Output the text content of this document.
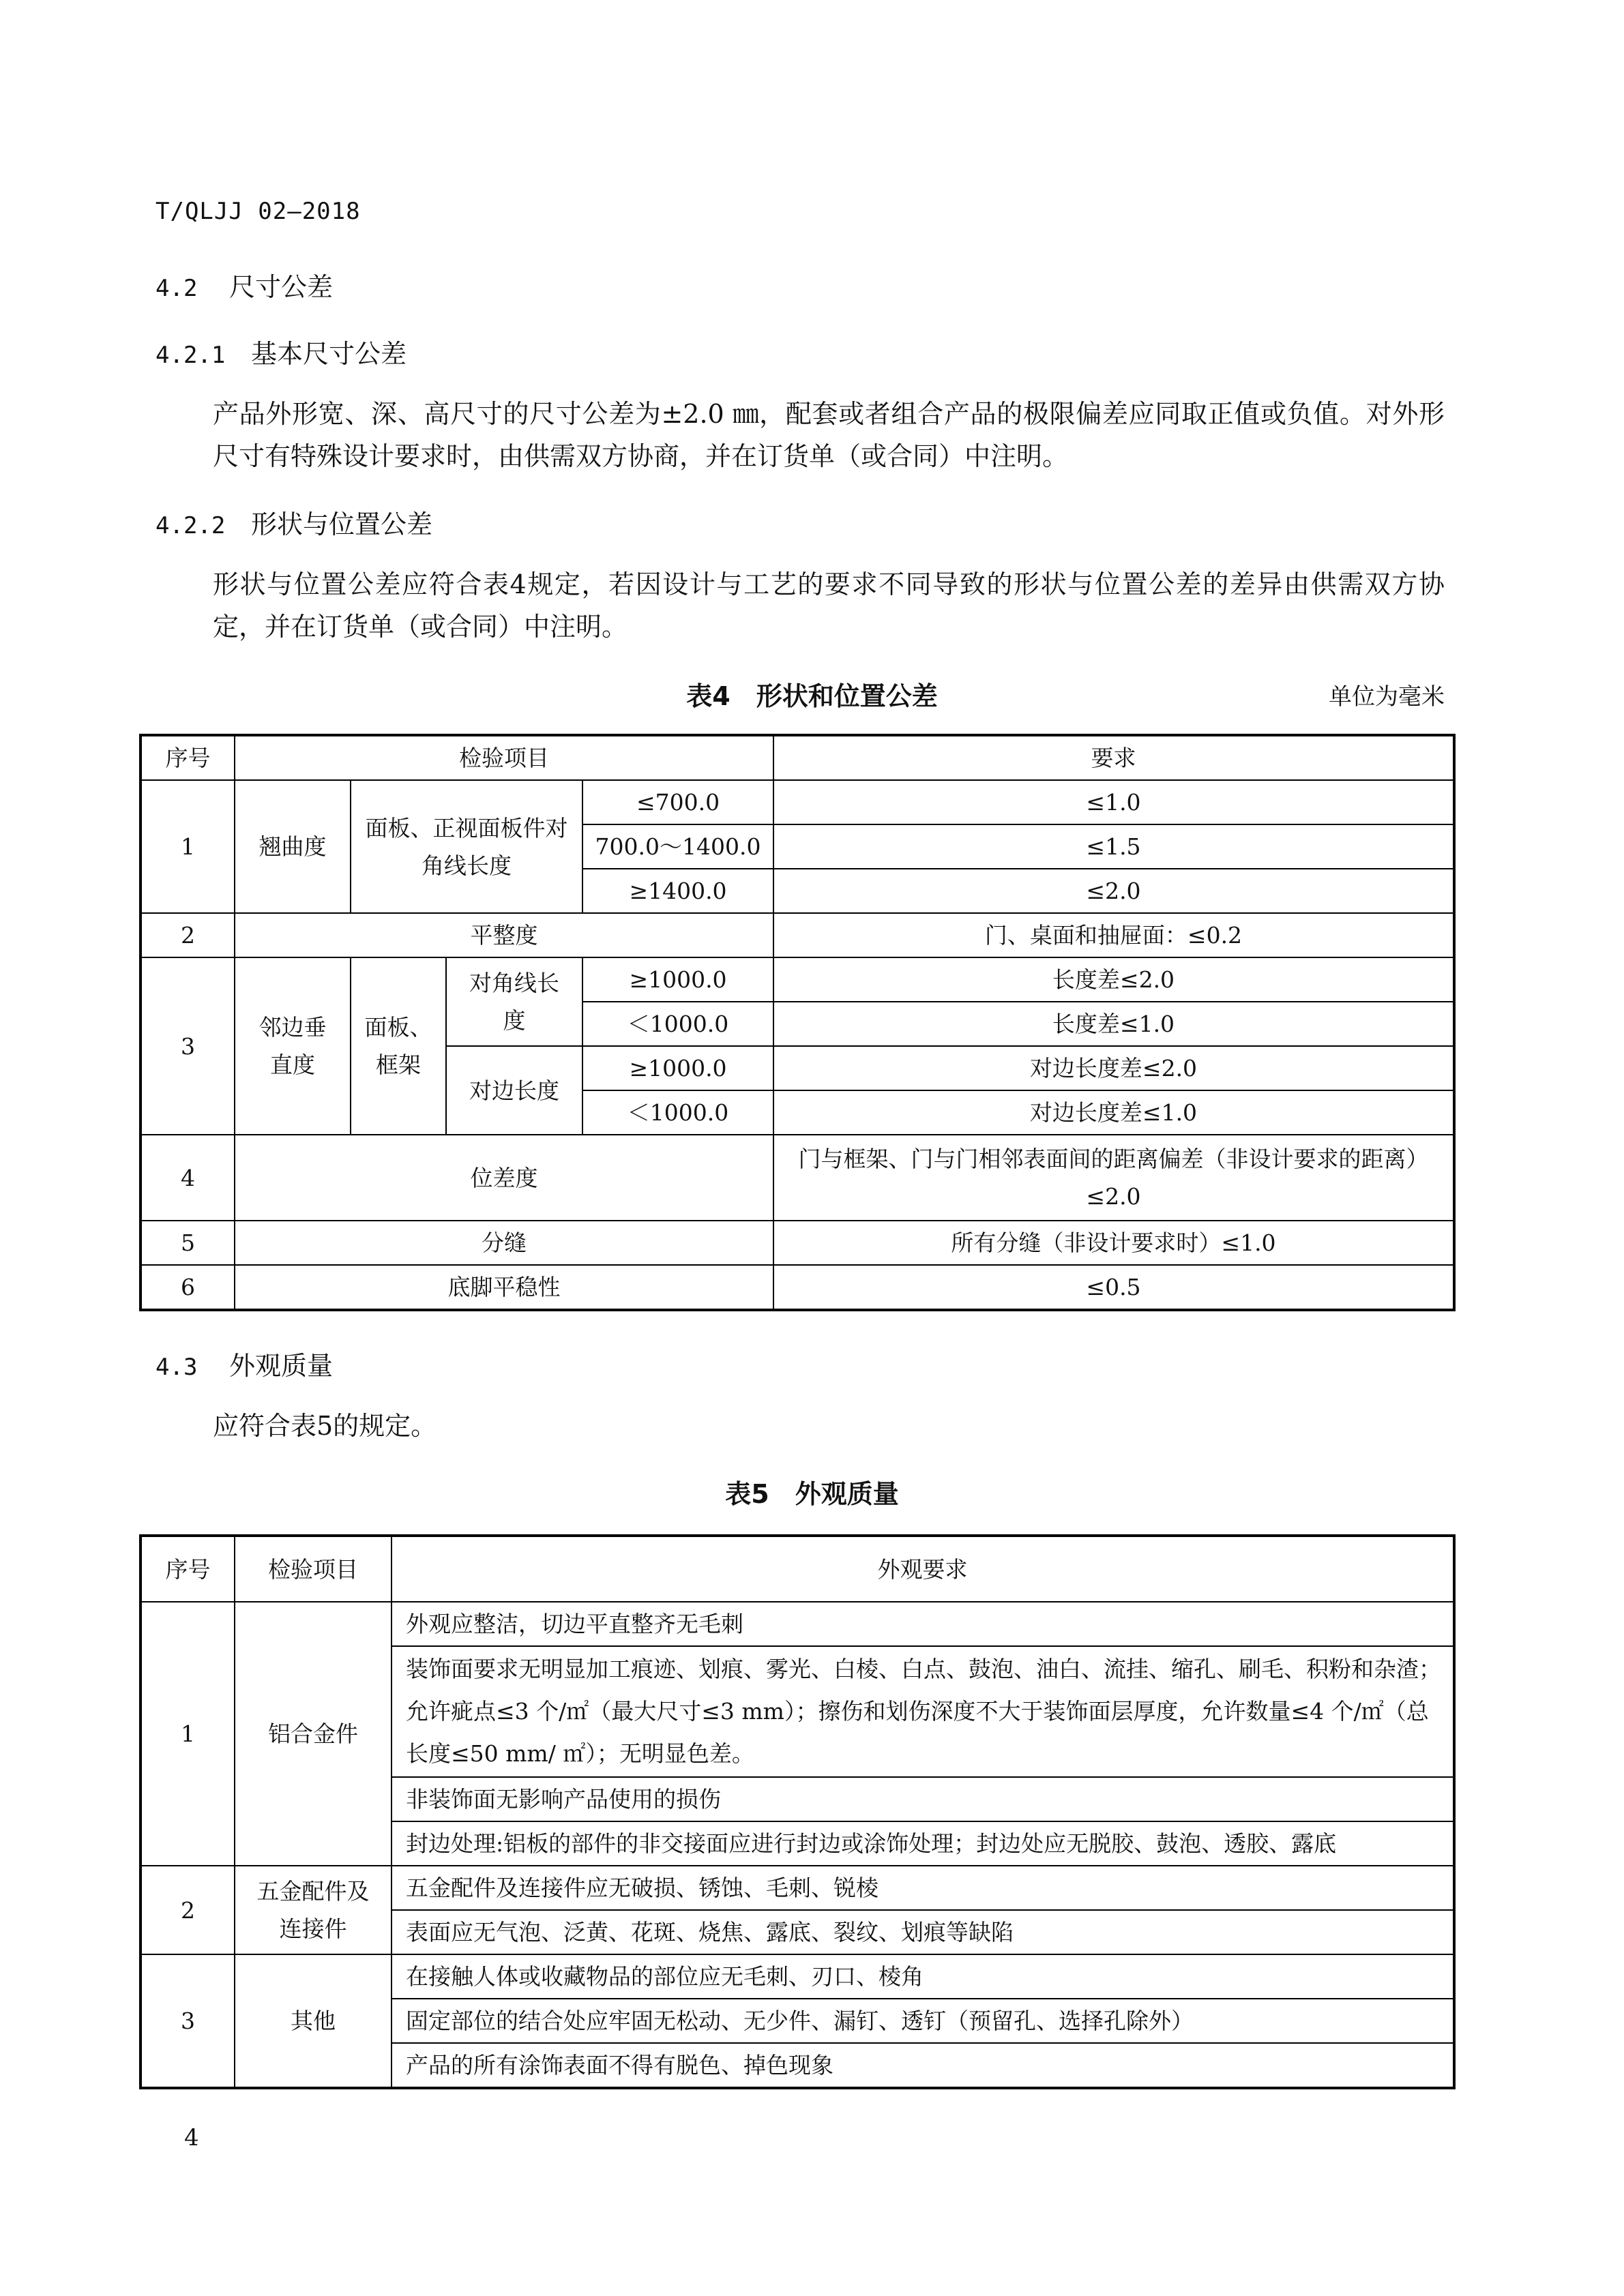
T/QLJJ 02—2018
4.2 尺寸公差
4.2.1 基本尺寸公差
产品外形宽、深、高尺寸的尺寸公差为±2.0 ㎜，配套或者组合产品的极限偏差应同取正值或负值。对外形尺寸有特殊设计要求时，由供需双方协商，并在订货单（或合同）中注明。
4.2.2 形状与位置公差
形状与位置公差应符合表4规定，若因设计与工艺的要求不同导致的形状与位置公差的差异由供需双方协定，并在订货单（或合同）中注明。
表4　形状和位置公差	单位为毫米
序号	检验项目				要求
1	翘曲度	面板、正视面板件对角线长度		≤700.0	≤1.0
				700.0～1400.0	≤1.5
				≥1400.0	≤2.0
2	平整度				门、桌面和抽屉面：≤0.2
3	邻边垂直度	面板、框架	对角线长度	≥1000.0	长度差≤2.0
				＜1000.0	长度差≤1.0
			对边长度	≥1000.0	对边长度差≤2.0
				＜1000.0	对边长度差≤1.0
4	位差度				门与框架、门与门相邻表面间的距离偏差（非设计要求的距离）≤2.0
5	分缝				所有分缝（非设计要求时）≤1.0
6	底脚平稳性				≤0.5
4.3 外观质量
应符合表5的规定。
表5　外观质量
序号	检验项目	外观要求
1	铝合金件	外观应整洁，切边平直整齐无毛刺
		装饰面要求无明显加工痕迹、划痕、雾光、白棱、白点、鼓泡、油白、流挂、缩孔、刷毛、积粉和杂渣；允许疵点≤3 个/㎡（最大尺寸≤3 mm）；擦伤和划伤深度不大于装饰面层厚度，允许数量≤4 个/㎡（总长度≤50 mm/ ㎡）；无明显色差。
		非装饰面无影响产品使用的损伤
		封边处理:铝板的部件的非交接面应进行封边或涂饰处理；封边处应无脱胶、鼓泡、透胶、露底
2	五金配件及连接件	五金配件及连接件应无破损、锈蚀、毛刺、锐棱
		表面应无气泡、泛黄、花斑、烧焦、露底、裂纹、划痕等缺陷
3	其他	在接触人体或收藏物品的部位应无毛刺、刃口、棱角
		固定部位的结合处应牢固无松动、无少件、漏钉、透钉（预留孔、选择孔除外）
		产品的所有涂饰表面不得有脱色、掉色现象
4
